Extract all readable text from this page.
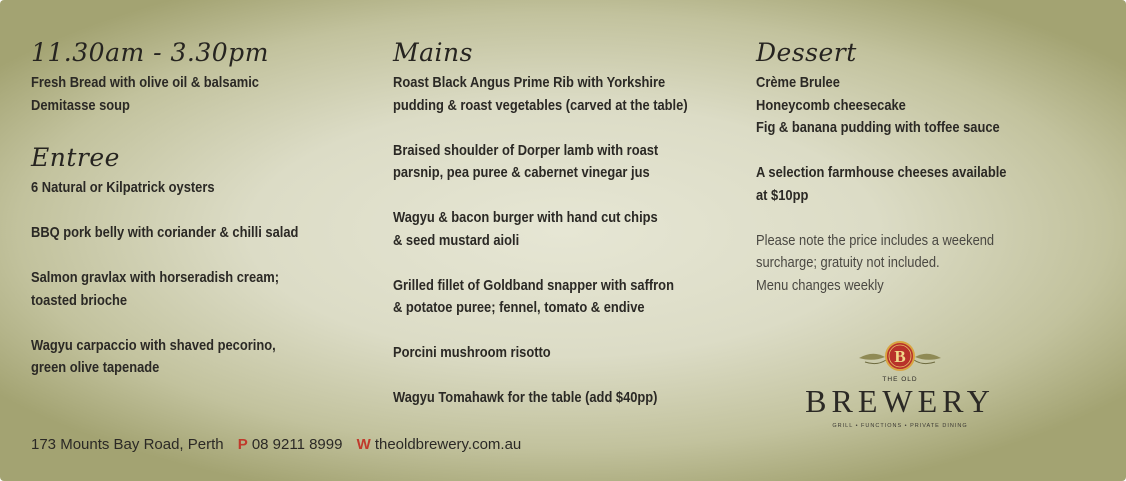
11.30am - 3.30pm
Fresh Bread with olive oil & balsamic
Demitasse soup
Entree
6 Natural or Kilpatrick oysters
BBQ pork belly with coriander & chilli salad
Salmon gravlax with horseradish cream;
toasted brioche
Wagyu carpaccio with shaved pecorino,
green olive tapenade
Mains
Roast Black Angus Prime Rib with Yorkshire
pudding & roast vegetables (carved at the table)
Braised shoulder of Dorper lamb with roast
parsnip, pea puree & cabernet vinegar jus
Wagyu & bacon burger with hand cut chips
& seed mustard aioli
Grilled fillet of Goldband snapper with saffron
& potatoe puree; fennel, tomato & endive
Porcini mushroom risotto
Wagyu Tomahawk for the table (add $40pp)
Dessert
Crème Brulee
Honeycomb cheesecake
Fig & banana pudding with toffee sauce
A selection farmhouse cheeses available
at $10pp
Please note the price includes a weekend
surcharge; gratuity not included.
Menu changes weekly
B
THE OLD
BREWERY
GRILL • FUNCTIONS • PRIVATE DINING
173 Mounts Bay Road, Perth P 08 9211 8999 W theoldbrewery.com.au
